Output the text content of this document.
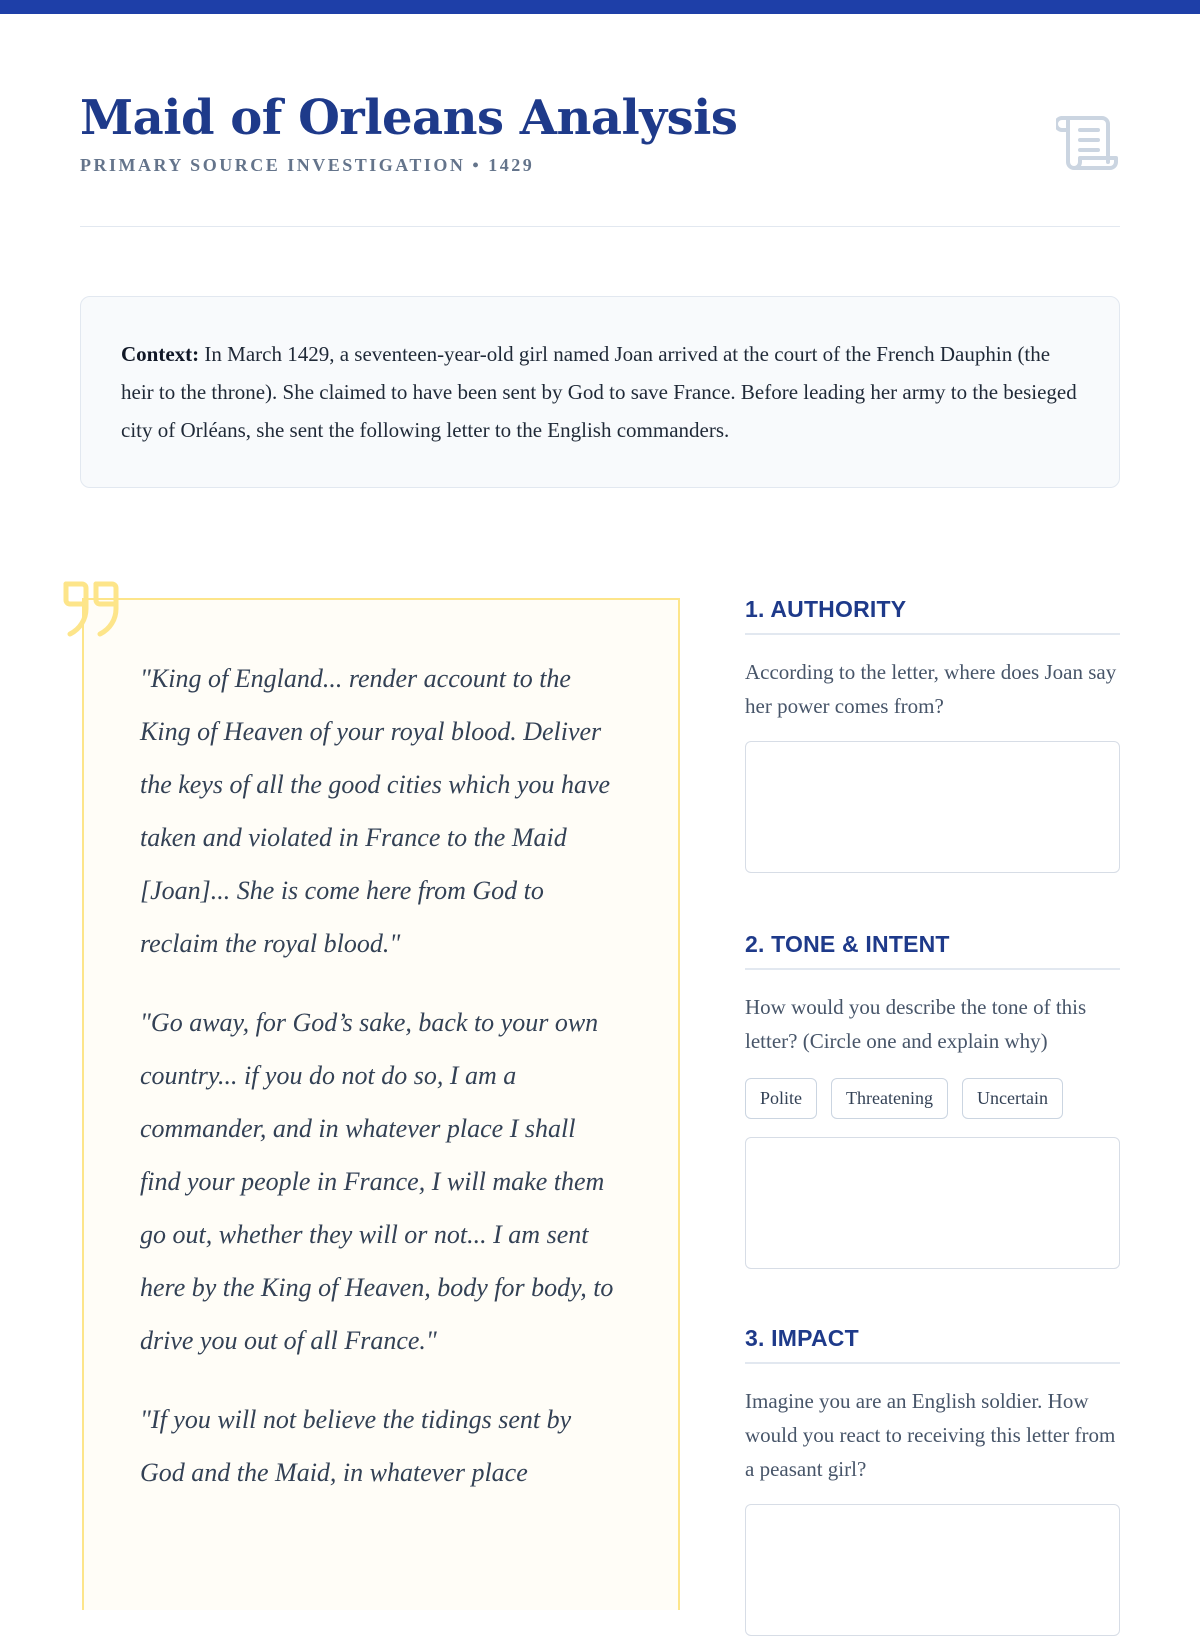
Maid of Orleans Analysis
PRIMARY SOURCE INVESTIGATION • 1429
Context: In March 1429, a seventeen-year-old girl named Joan arrived at the court of the French Dauphin (the heir to the throne). She claimed to have been sent by God to save France. Before leading her army to the besieged city of Orléans, she sent the following letter to the English commanders.

"King of England... render account to the King of Heaven of your royal blood. Deliver the keys of all the good cities which you have taken and violated in France to the Maid [Joan]... She is come here from God to reclaim the royal blood."

"Go away, for God’s sake, back to your own country... if you do not do so, I am a commander, and in whatever place I shall find your people in France, I will make them go out, whether they will or not... I am sent here by the King of Heaven, body for body, to drive you out of all France."

"If you will not believe the tidings sent by God and the Maid, in whatever place

1. AUTHORITY
According to the letter, where does Joan say her power comes from?
2. TONE & INTENT
How would you describe the tone of this letter? (Circle one and explain why)
Polite	Threatening	Uncertain
3. IMPACT
Imagine you are an English soldier. How would you react to receiving this letter from a peasant girl?
